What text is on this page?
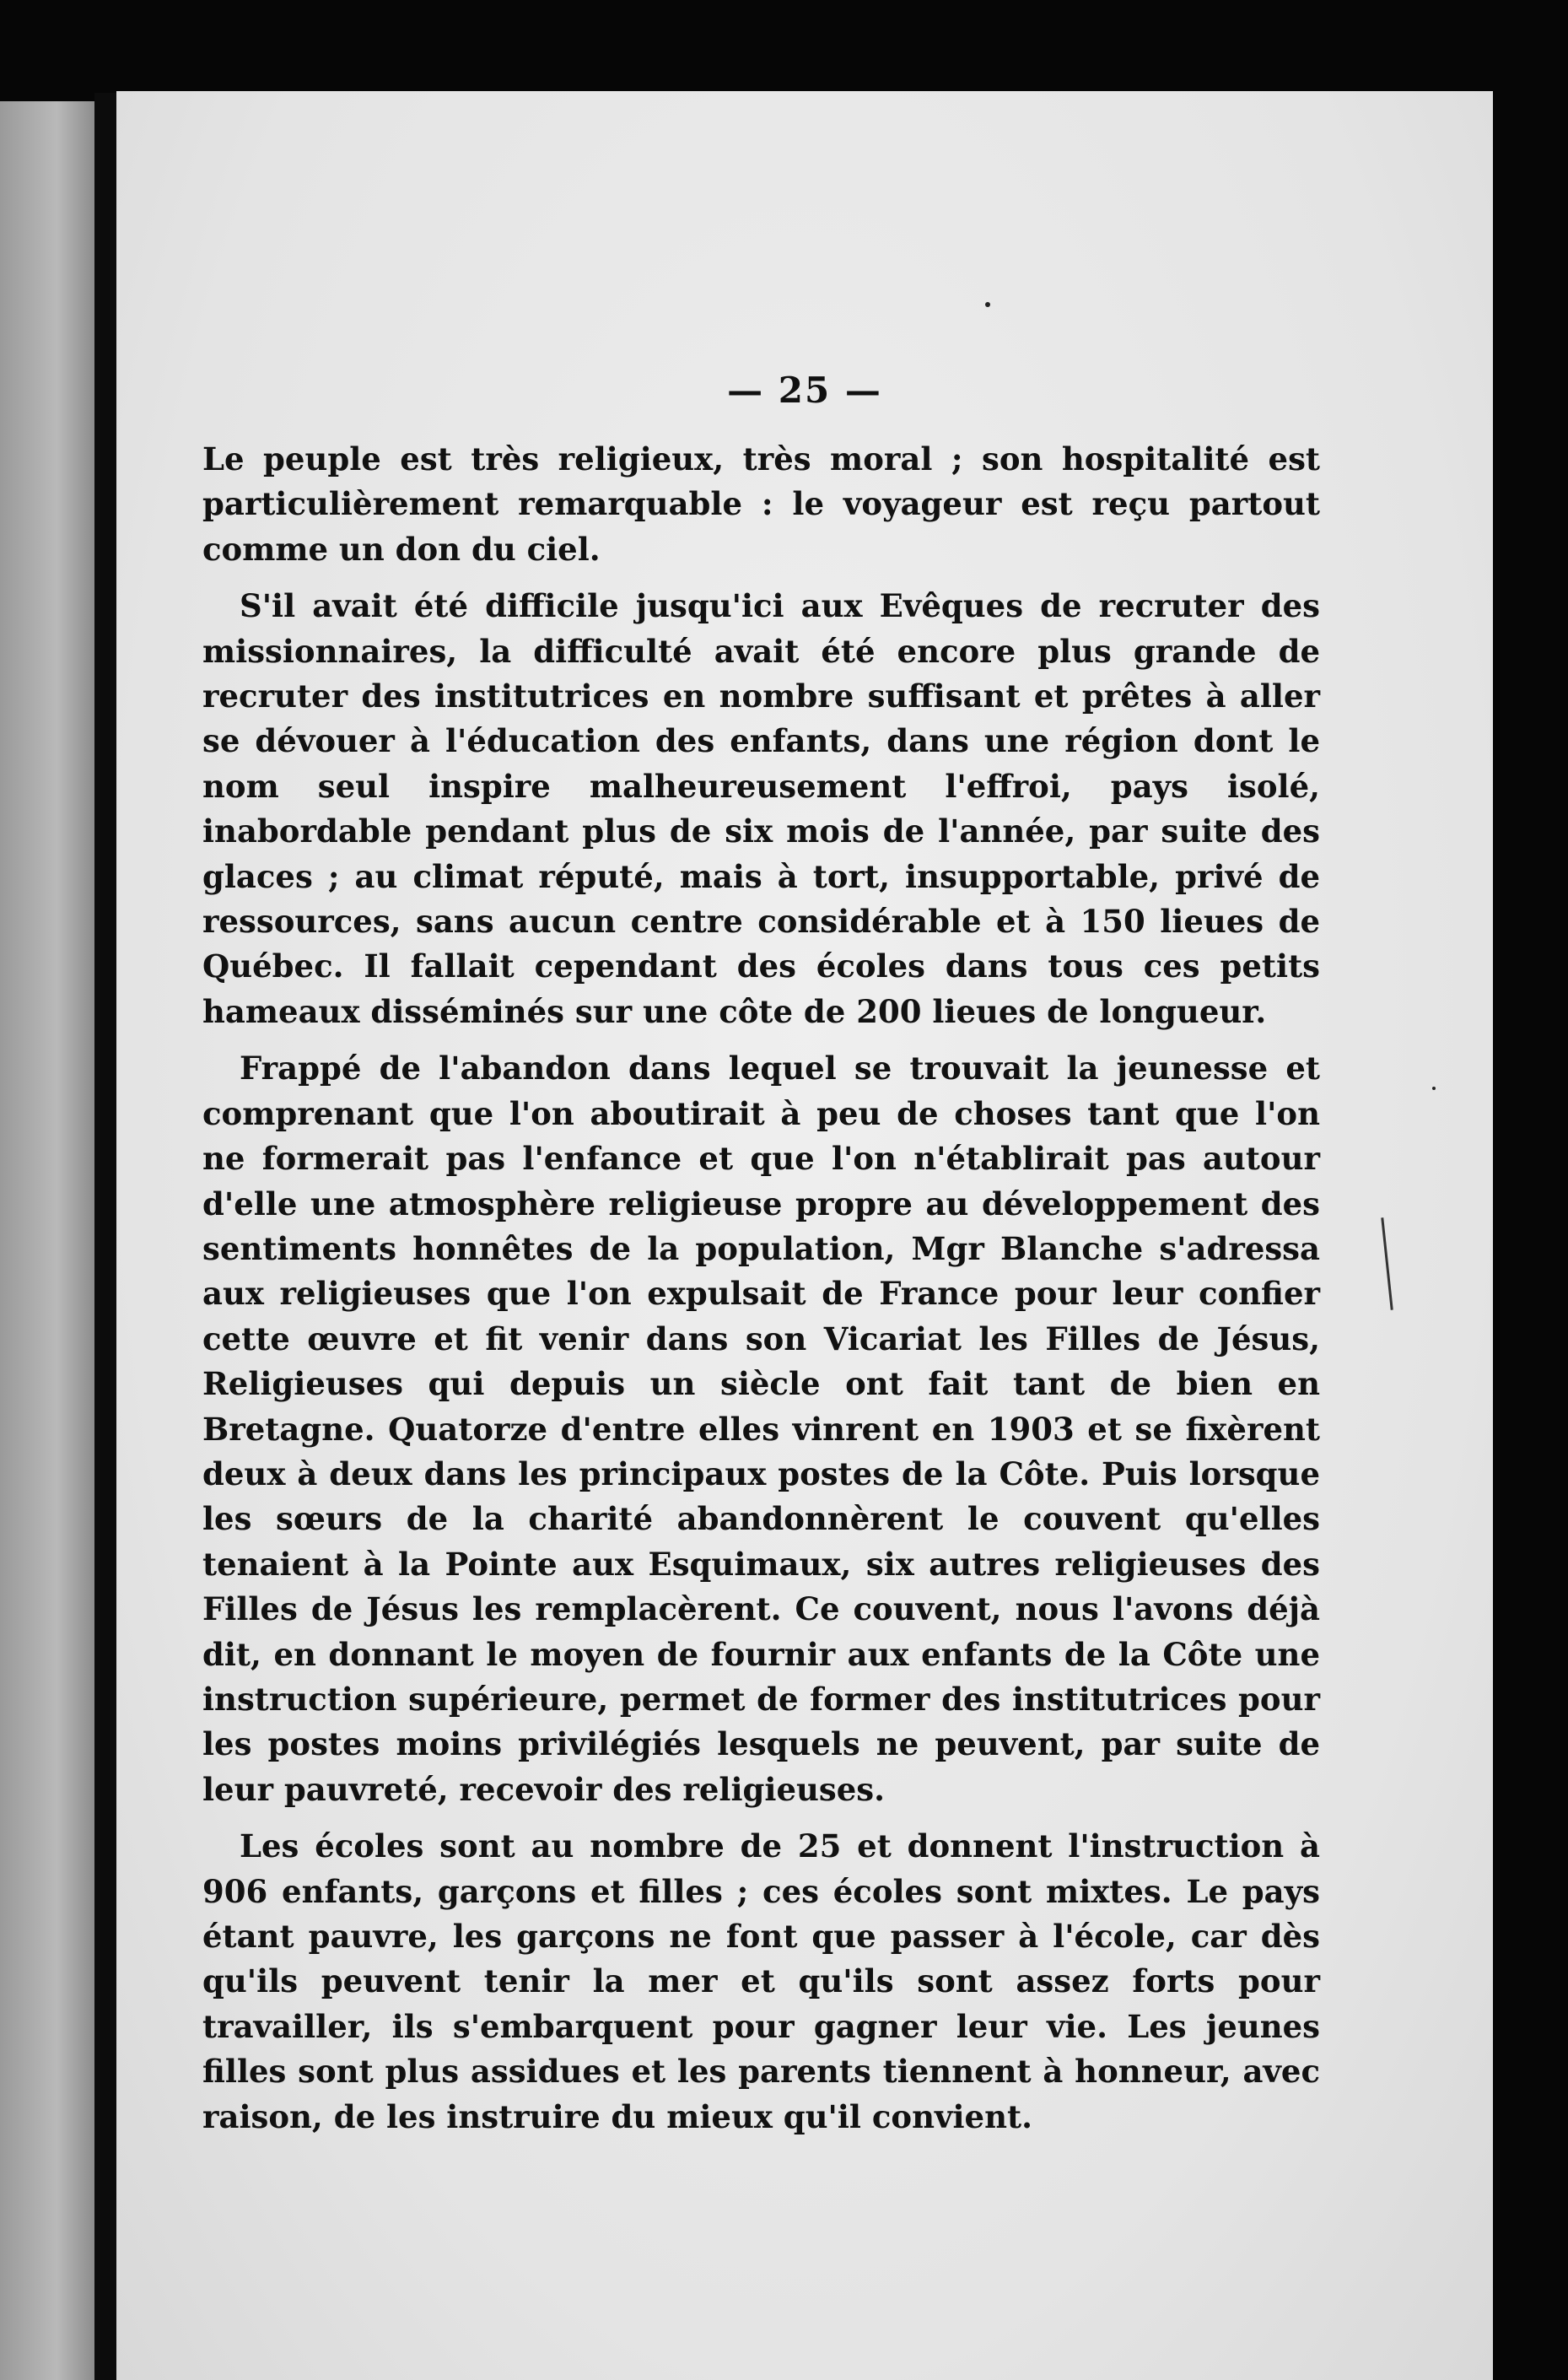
— 25 —

Le peuple est très religieux, très moral ; son hospitalité est particulièrement remarquable : le voyageur est reçu partout comme un don du ciel.

S'il avait été difficile jusqu'ici aux Evêques de recruter des missionnaires, la difficulté avait été encore plus grande de recruter des institutrices en nombre suffisant et prêtes à aller se dévouer à l'éducation des enfants, dans une région dont le nom seul inspire malheureusement l'effroi, pays isolé, inabordable pendant plus de six mois de l'année, par suite des glaces ; au climat réputé, mais à tort, insupportable, privé de ressources, sans aucun centre considérable et à 150 lieues de Québec. Il fallait cependant des écoles dans tous ces petits hameaux disséminés sur une côte de 200 lieues de longueur.

Frappé de l'abandon dans lequel se trouvait la jeunesse et comprenant que l'on aboutirait à peu de choses tant que l'on ne formerait pas l'enfance et que l'on n'établirait pas autour d'elle une atmosphère religieuse propre au développement des sentiments honnêtes de la population, Mgr Blanche s'adressa aux religieuses que l'on expulsait de France pour leur confier cette œuvre et fit venir dans son Vicariat les Filles de Jésus, Religieuses qui depuis un siècle ont fait tant de bien en Bretagne. Quatorze d'entre elles vinrent en 1903 et se fixèrent deux à deux dans les principaux postes de la Côte. Puis lorsque les sœurs de la charité abandonnèrent le couvent qu'elles tenaient à la Pointe aux Esquimaux, six autres religieuses des Filles de Jésus les remplacèrent. Ce couvent, nous l'avons déjà dit, en donnant le moyen de fournir aux enfants de la Côte une instruction supérieure, permet de former des institutrices pour les postes moins privilégiés lesquels ne peuvent, par suite de leur pauvreté, recevoir des religieuses.

Les écoles sont au nombre de 25 et donnent l'instruction à 906 enfants, garçons et filles ; ces écoles sont mixtes. Le pays étant pauvre, les garçons ne font que passer à l'école, car dès qu'ils peuvent tenir la mer et qu'ils sont assez forts pour travailler, ils s'embarquent pour gagner leur vie. Les jeunes filles sont plus assidues et les parents tiennent à honneur, avec raison, de les instruire du mieux qu'il convient.
